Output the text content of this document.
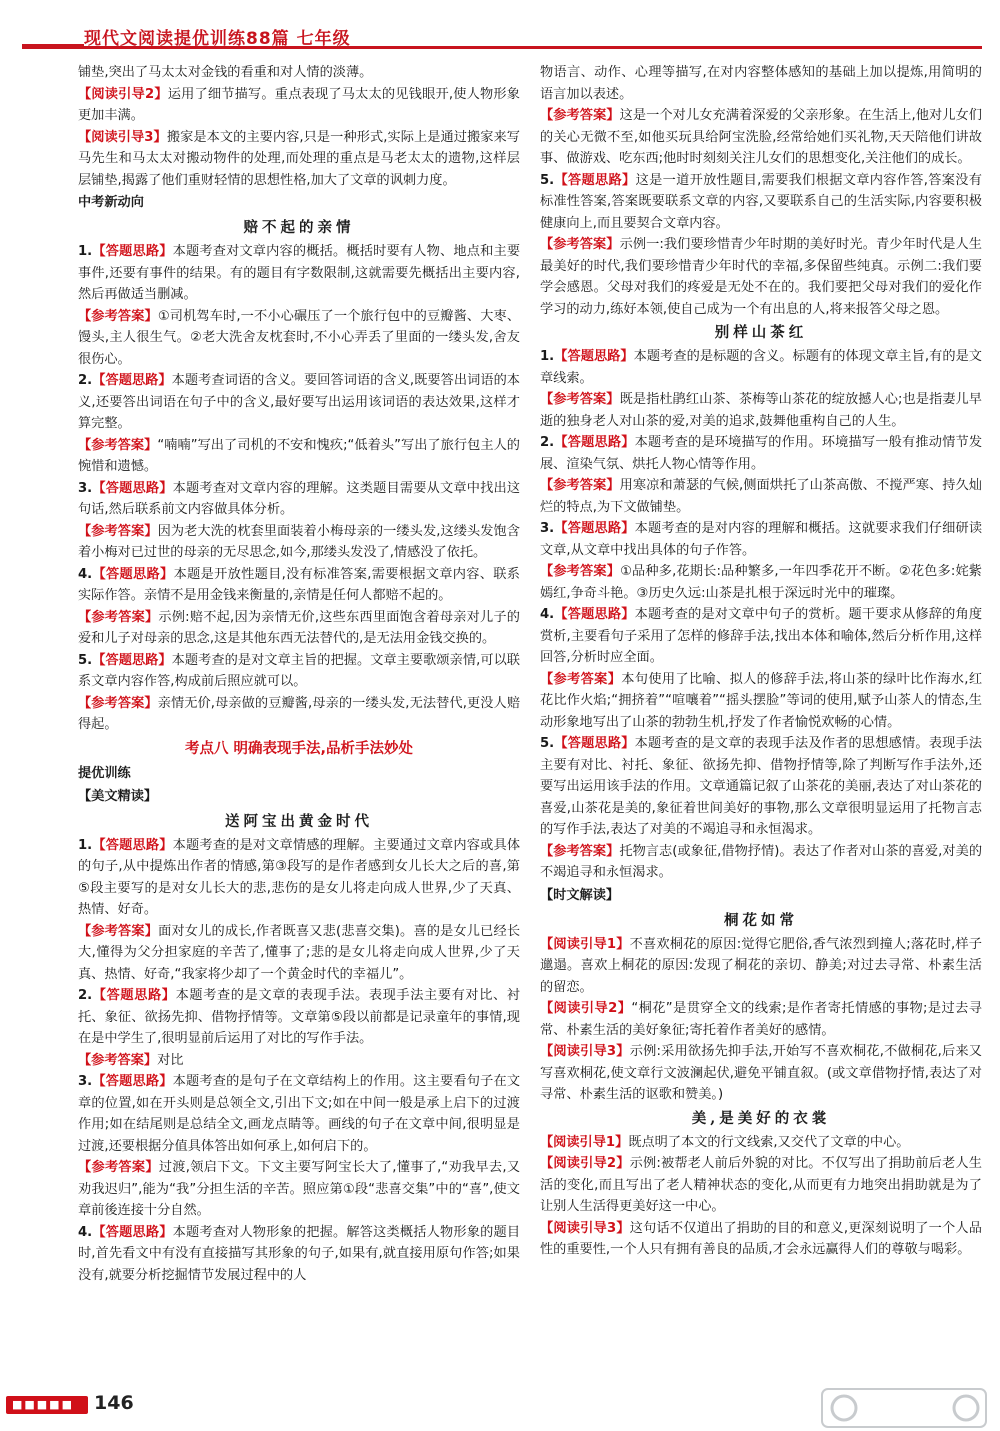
现代文阅读提优训练88篇 七年级

铺垫,突出了马太太对金钱的看重和对人情的淡薄。

【阅读引导2】运用了细节描写。重点表现了马太太的见钱眼开,使人物形象更加丰满。

【阅读引导3】搬家是本文的主要内容,只是一种形式,实际上是通过搬家来写马先生和马太太对搬动物件的处理,而处理的重点是马老太太的遗物,这样层层铺垫,揭露了他们重财轻情的思想性格,加大了文章的讽刺力度。

中考新动向
赔不起的亲情

1.【答题思路】本题考查对文章内容的概括。概括时要有人物、地点和主要事件,还要有事件的结果。有的题目有字数限制,这就需要先概括出主要内容,然后再做适当删减。

【参考答案】①司机驾车时,一不小心碾压了一个旅行包中的豆瓣酱、大枣、馒头,主人很生气。②老大洗舍友枕套时,不小心弄丢了里面的一缕头发,舍友很伤心。

2.【答题思路】本题考查词语的含义。要回答词语的含义,既要答出词语的本义,还要答出词语在句子中的含义,最好要写出运用该词语的表达效果,这样才算完整。

【参考答案】“喃喃”写出了司机的不安和愧疚;“低着头”写出了旅行包主人的惋惜和遗憾。

3.【答题思路】本题考查对文章内容的理解。这类题目需要从文章中找出这句话,然后联系前文内容做具体分析。

【参考答案】因为老大洗的枕套里面装着小梅母亲的一缕头发,这缕头发饱含着小梅对已过世的母亲的无尽思念,如今,那缕头发没了,情感没了依托。

4.【答题思路】本题是开放性题目,没有标准答案,需要根据文章内容、联系实际作答。亲情不是用金钱来衡量的,亲情是任何人都赔不起的。

【参考答案】示例:赔不起,因为亲情无价,这些东西里面饱含着母亲对儿子的爱和儿子对母亲的思念,这是其他东西无法替代的,是无法用金钱交换的。

5.【答题思路】本题考查的是对文章主旨的把握。文章主要歌颂亲情,可以联系文章内容作答,构成前后照应就可以。

【参考答案】亲情无价,母亲做的豆瓣酱,母亲的一缕头发,无法替代,更没人赔得起。

考点八 明确表现手法,品析手法妙处
提优训练
【美文精读】
送阿宝出黄金时代

1.【答题思路】本题考查的是对文章情感的理解。主要通过文章内容或具体的句子,从中提炼出作者的情感,第③段写的是作者感到女儿长大之后的喜,第⑤段主要写的是对女儿长大的悲,悲伤的是女儿将走向成人世界,少了天真、热情、好奇。

【参考答案】面对女儿的成长,作者既喜又悲(悲喜交集)。喜的是女儿已经长大,懂得为父分担家庭的辛苦了,懂事了;悲的是女儿将走向成人世界,少了天真、热情、好奇,“我家将少却了一个黄金时代的幸福儿”。

2.【答题思路】本题考查的是文章的表现手法。表现手法主要有对比、衬托、象征、欲扬先抑、借物抒情等。文章第⑤段以前都是记录童年的事情,现在是中学生了,很明显前后运用了对比的写作手法。

【参考答案】对比

3.【答题思路】本题考查的是句子在文章结构上的作用。这主要看句子在文章的位置,如在开头则是总领全文,引出下文;如在中间一般是承上启下的过渡作用;如在结尾则是总结全文,画龙点睛等。画线的句子在文章中间,很明显是过渡,还要根据分值具体答出如何承上,如何启下的。

【参考答案】过渡,领启下文。下文主要写阿宝长大了,懂事了,“劝我早去,又劝我迟归”,能为“我”分担生活的辛苦。照应第①段“悲喜交集”中的“喜”,使文章前後连接十分自然。

4.【答题思路】本题考查对人物形象的把握。解答这类概括人物形象的题目时,首先看文中有没有直接描写其形象的句子,如果有,就直接用原句作答;如果没有,就要分析挖掘情节发展过程中的人

物语言、动作、心理等描写,在对内容整体感知的基础上加以提炼,用简明的语言加以表述。

【参考答案】这是一个对儿女充满着深爱的父亲形象。在生活上,他对儿女们的关心无微不至,如他买玩具给阿宝洗脸,经常给她们买礼物,天天陪他们讲故事、做游戏、吃东西;他时时刻刻关注儿女们的思想变化,关注他们的成长。

5.【答题思路】这是一道开放性题目,需要我们根据文章内容作答,答案没有标准性答案,答案既要联系文章的内容,又要联系自己的生活实际,内容要积极健康向上,而且要契合文章内容。

【参考答案】示例一:我们要珍惜青少年时期的美好时光。青少年时代是人生最美好的时代,我们要珍惜青少年时代的幸福,多保留些纯真。示例二:我们要学会感恩。父母对我们的疼爱是无处不在的。我们要把父母对我们的爱化作学习的动力,练好本领,使自己成为一个有出息的人,将来报答父母之恩。

别样山茶红

1.【答题思路】本题考查的是标题的含义。标题有的体现文章主旨,有的是文章线索。

【参考答案】既是指杜鹃红山茶、茶梅等山茶花的绽放撼人心;也是指妻儿早逝的独身老人对山茶的爱,对美的追求,鼓舞他重构自己的人生。

2.【答题思路】本题考查的是环境描写的作用。环境描写一般有推动情节发展、渲染气氛、烘托人物心情等作用。

【参考答案】用寒凉和萧瑟的气候,侧面烘托了山茶高傲、不搅严寒、持久灿烂的特点,为下文做铺垫。

3.【答题思路】本题考查的是对内容的理解和概括。这就要求我们仔细研读文章,从文章中找出具体的句子作答。

【参考答案】①品种多,花期长:品种繁多,一年四季花开不断。②花色多:姹紫嫣红,争奇斗艳。③历史久远:山茶是扎根于深远时光中的璀璨。

4.【答题思路】本题考查的是对文章中句子的赏析。题干要求从修辞的角度赏析,主要看句子采用了怎样的修辞手法,找出本体和喻体,然后分析作用,这样回答,分析时应全面。

【参考答案】本句使用了比喻、拟人的修辞手法,将山茶的绿叶比作海水,红花比作火焰;“拥挤着”“喧嚷着”“摇头摆脸”等词的使用,赋予山茶人的情态,生动形象地写出了山茶的勃勃生机,抒发了作者愉悦欢畅的心情。

5.【答题思路】本题考查的是文章的表现手法及作者的思想感情。表现手法主要有对比、衬托、象征、欲扬先抑、借物抒情等,除了判断写作手法外,还要写出运用该手法的作用。文章通篇记叙了山茶花的美丽,表达了对山茶花的喜爱,山茶花是美的,象征着世间美好的事物,那么文章很明显运用了托物言志的写作手法,表达了对美的不竭追寻和永恒渴求。

【参考答案】托物言志(或象征,借物抒情)。表达了作者对山茶的喜爱,对美的不竭追寻和永恒渴求。

【时文解读】
桐花如常

【阅读引导1】不喜欢桐花的原因:觉得它肥俗,香气浓烈到撞人;落花时,样子邋遢。喜欢上桐花的原因:发现了桐花的亲切、静美;对过去寻常、朴素生活的留恋。

【阅读引导2】“桐花”是贯穿全文的线索;是作者寄托情感的事物;是过去寻常、朴素生活的美好象征;寄托着作者美好的感情。

【阅读引导3】示例:采用欲扬先抑手法,开始写不喜欢桐花,不做桐花,后来又写喜欢桐花,使文章行文波澜起伏,避免平铺直叙。(或文章借物抒情,表达了对寻常、朴素生活的讴歌和赞美。)

美,是美好的衣裳

【阅读引导1】既点明了本文的行文线索,又交代了文章的中心。

【阅读引导2】示例:被帮老人前后外貌的对比。不仅写出了捐助前后老人生活的变化,而且写出了老人精神状态的变化,从而更有力地突出捐助就是为了让别人生活得更美好这一中心。

【阅读引导3】这句话不仅道出了捐助的目的和意义,更深刻说明了一个人品性的重要性,一个人只有拥有善良的品质,才会永远赢得人们的尊敬与喝彩。

■■■■■ 146
